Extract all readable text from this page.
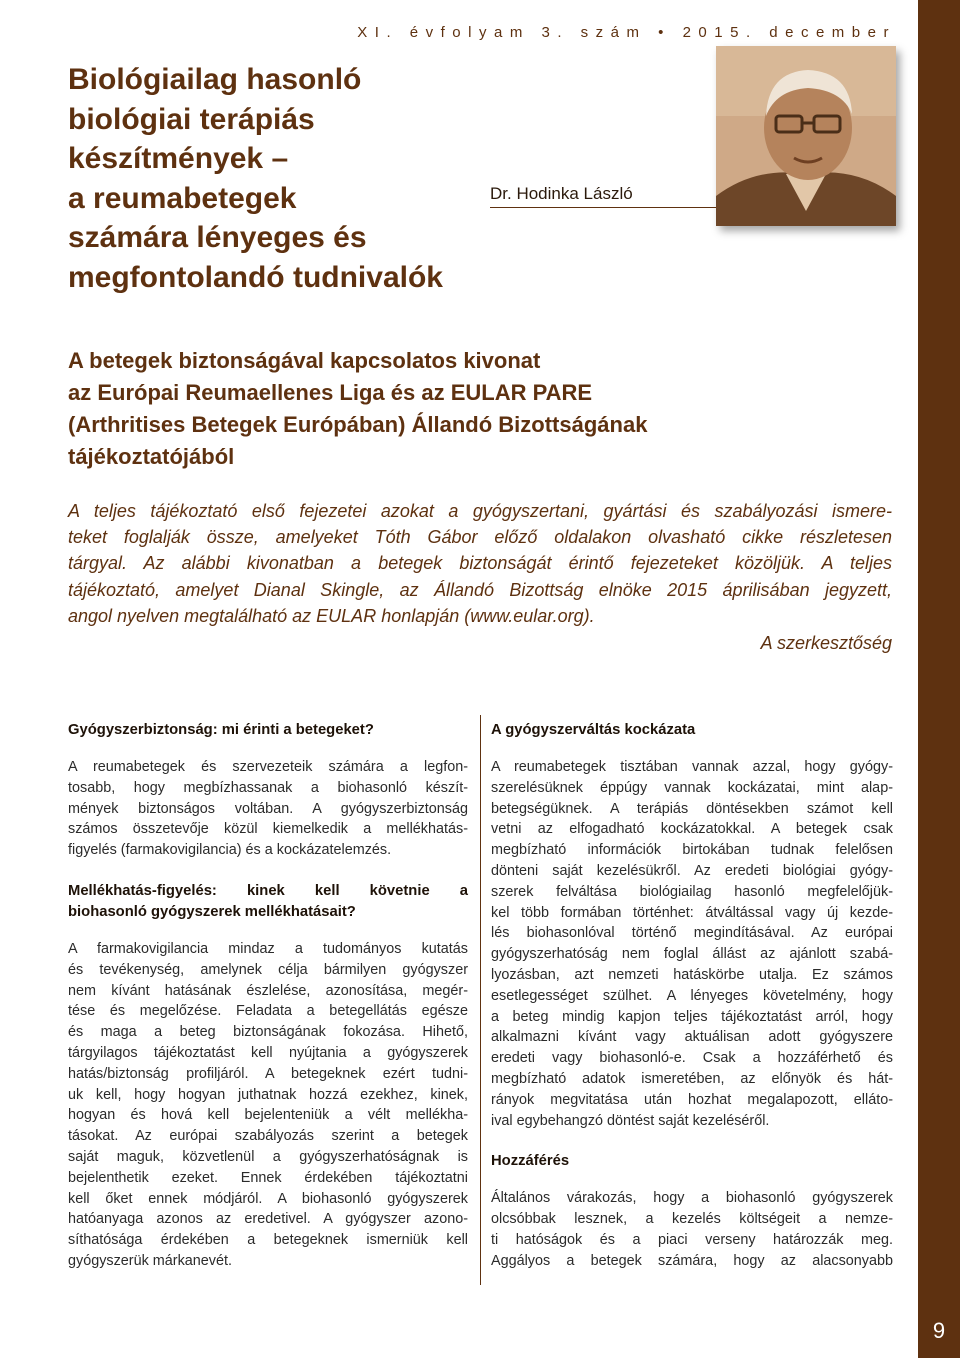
9
XI. évfolyam 3. szám • 2015. december
Biológiailag hasonló
biológiai terápiás
készítmények –
a reumabetegek
számára lényeges és
megfontolandó tudnivalók
Dr. Hodinka László
A betegek biztonságával kapcsolatos kivonat
az Európai Reumaellenes Liga és az EULAR PARE
(Arthritises Betegek Európában) Állandó Bizottságának
tájékoztatójából
A teljes tájékoztató első fejezetei azokat a gyógyszertani, gyártási és szabályozási ismere-
teket foglalják össze, amelyeket Tóth Gábor előző oldalakon olvasható cikke részletesen
tárgyal. Az alábbi kivonatban a betegek biztonságát érintő fejezeteket közöljük. A teljes
tájékoztató, amelyet Dianal Skingle, az Állandó Bizottság elnöke 2015 áprilisában jegyzett,
angol nyelven megtalálható az EULAR honlapján (www.eular.org).
A szerkesztőség
Gyógyszerbiztonság: mi érinti a betegeket?
A reumabetegek és szervezeteik számára a legfon-
tosabb, hogy megbízhassanak a biohasonló készít-
mények biztonságos voltában. A gyógyszerbiztonság
számos összetevője közül kiemelkedik a mellékhatás-
figyelés (farmakovigilancia) és a kockázatelemzés.
Mellékhatás-figyelés: kinek kell követnie a
biohasonló gyógyszerek mellékhatásait?
A farmakovigilancia mindaz a tudományos kutatás
és tevékenység, amelynek célja bármilyen gyógyszer
nem kívánt hatásának észlelése, azonosítása, megér-
tése és megelőzése. Feladata a betegellátás egésze
és maga a beteg biztonságának fokozása. Hihető,
tárgyilagos tájékoztatást kell nyújtania a gyógyszerek
hatás/biztonság profiljáról. A betegeknek ezért tudni-
uk kell, hogy hogyan juthatnak hozzá ezekhez, kinek,
hogyan és hová kell bejelenteniük a vélt mellékha-
tásokat. Az európai szabályozás szerint a betegek
saját maguk, közvetlenül a gyógyszerhatóságnak is
bejelenthetik ezeket. Ennek érdekében tájékoztatni
kell őket ennek módjáról. A biohasonló gyógyszerek
hatóanyaga azonos az eredetivel. A gyógyszer azono-
síthatósága érdekében a betegeknek ismerniük kell
gyógyszerük márkanevét.
A gyógyszerváltás kockázata
A reumabetegek tisztában vannak azzal, hogy gyógy-
szerelésüknek éppúgy vannak kockázatai, mint alap-
betegségüknek. A terápiás döntésekben számot kell
vetni az elfogadható kockázatokkal. A betegek csak
megbízható információk birtokában tudnak felelősen
dönteni saját kezelésükről. Az eredeti biológiai gyógy-
szerek felváltása biológiailag hasonló megfelelőjük-
kel több formában történhet: átváltással vagy új kezde-
lés biohasonlóval történő megindításával. Az európai
gyógyszerhatóság nem foglal állást az ajánlott szabá-
lyozásban, azt nemzeti hatáskörbe utalja. Ez számos
esetlegességet szülhet. A lényeges követelmény, hogy
a beteg mindig kapjon teljes tájékoztatást arról, hogy
alkalmazni kívánt vagy aktuálisan adott gyógyszere
eredeti vagy biohasonló-e. Csak a hozzáférhető és
megbízható adatok ismeretében, az előnyök és hát-
rányok megvitatása után hozhat megalapozott, elláto-
ival egybehangzó döntést saját kezeléséről.
Hozzáférés
Általános várakozás, hogy a biohasonló gyógyszerek
olcsóbbak lesznek, a kezelés költségeit a nemze-
ti hatóságok és a piaci verseny határozzák meg.
Aggályos a betegek számára, hogy az alacsonyabb
